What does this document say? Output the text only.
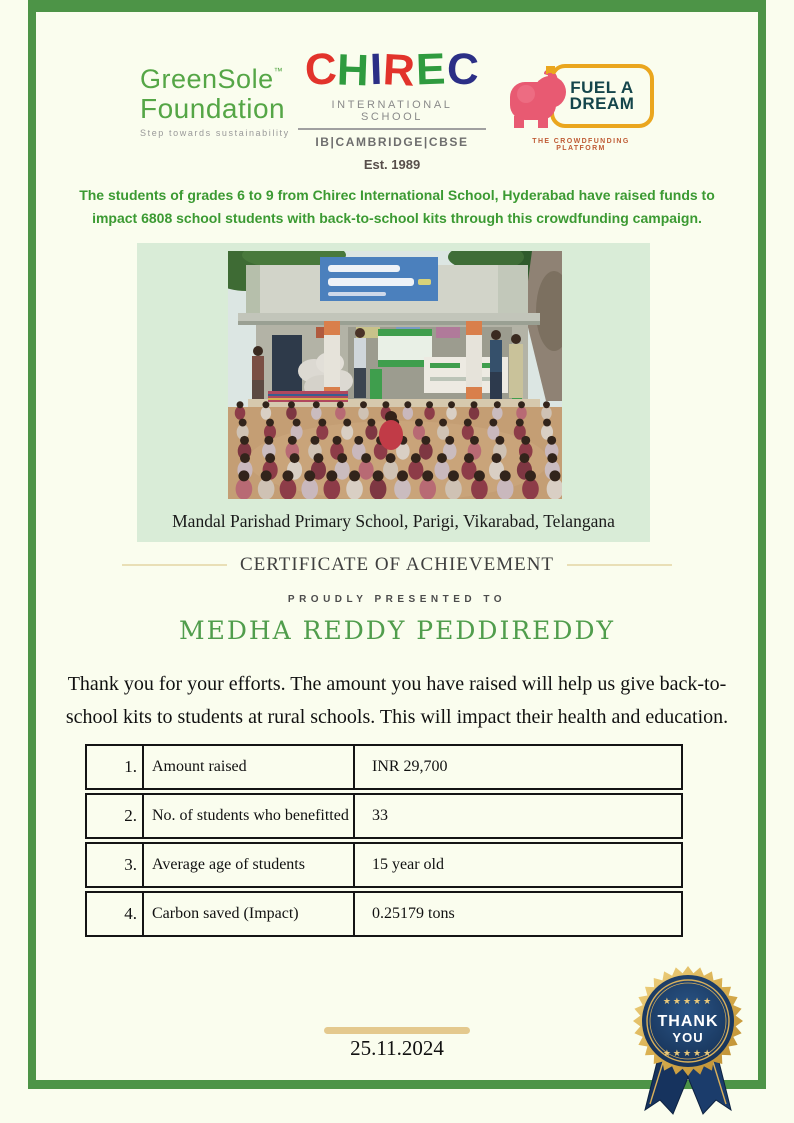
GreenSole™
Foundation
Step towards sustainability
CHIREC
INTERNATIONAL SCHOOL
IB|CAMBRIDGE|CBSE
Est. 1989
FUEL A
DREAM
THE CROWDFUNDING PLATFORM
The students of grades 6 to 9 from Chirec International School, Hyderabad have raised funds to
impact 6808 school students with back-to-school kits through this crowdfunding campaign.
Mandal Parishad Primary School, Parigi, Vikarabad, Telangana
CERTIFICATE OF ACHIEVEMENT
PROUDLY PRESENTED TO
MEDHA REDDY PEDDIREDDY
Thank you for your efforts. The amount you have raised will help us give back-to-
school kits to students at rural schools. This will impact their health and education.
1. Amount raised	INR 29,700
2. No. of students who benefitted	33
3. Average age of students	15 year old
4. Carbon saved (Impact)	0.25179 tons
25.11.2024
★★★★★
THANK
YOU
★★★★★
